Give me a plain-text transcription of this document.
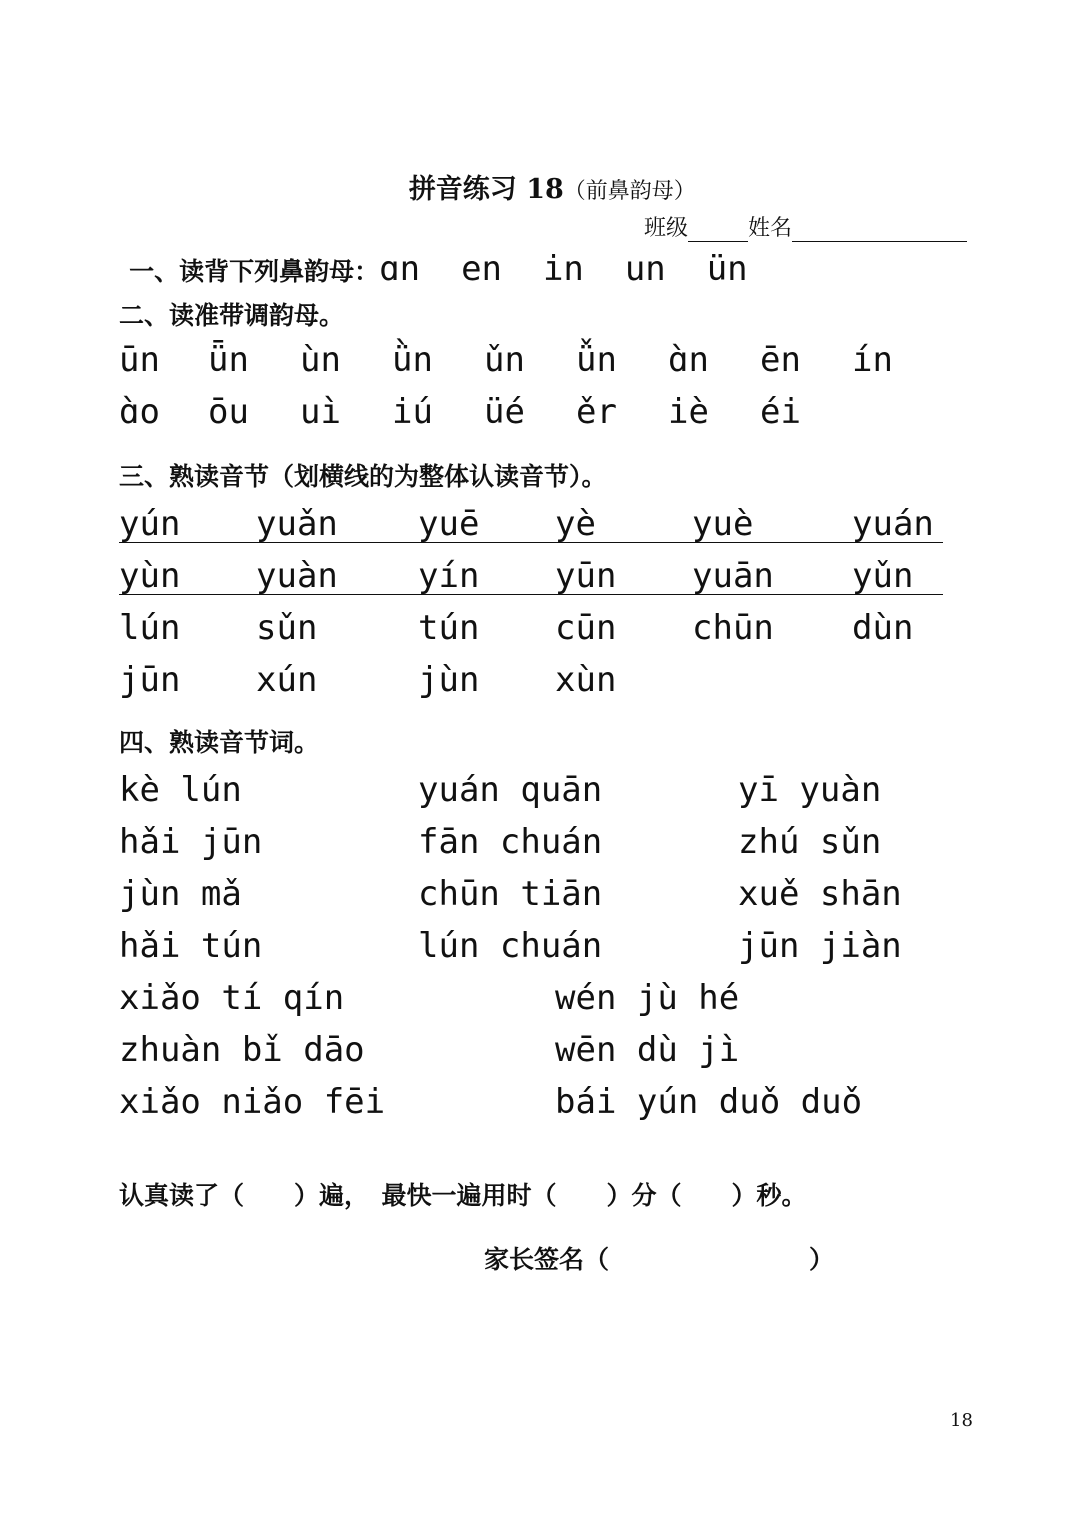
拼音练习 18（前鼻韵母）

班级	姓名

一、读背下列鼻韵母：ɑn  en  in  un  ün

二、读准带调韵母。
ūn ǖn ùn ǜn ǔn ǚn ɑ̀n ēn ín
ɑ̀o ōu uì iú üé ěr iè éi
三、熟读音节（划横线的为整体认读音节）。
yún yuǎn yuē yè	yuè	yuán
yùn yuàn yín yūn yuān yǔn
lún sǔn	tún cūn chūn dùn
jūn xún	jùn xùn
四、熟读音节词。
kè lún	yuán quān	yī yuàn
hǎi jūn	fān chuán	zhú sǔn
jùn mǎ	chūn tiān	xuě shān
hǎi tún	lún chuán	jūn jiàn
xiǎo tí qín	wén jù hé
zhuàn bǐ dāo	wēn dù jì
xiǎo niǎo fēi	bái yún duǒ duǒ
认真读了（　　）遍，　最快一遍用时（　　）分（　　）秒。
家长签名（　　　　　　　　）
18
